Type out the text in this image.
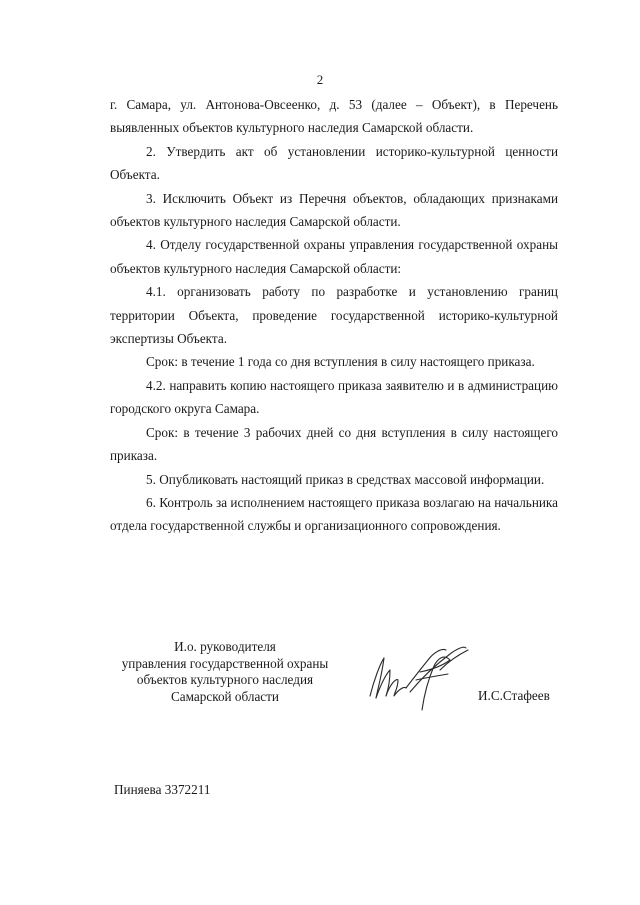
2

г. Самара, ул. Антонова-Овсеенко, д. 53 (далее – Объект), в Перечень выявленных объектов культурного наследия Самарской области.

2. Утвердить акт об установлении историко-культурной ценности Объекта.

3. Исключить Объект из Перечня объектов, обладающих признаками объектов культурного наследия Самарской области.

4. Отделу государственной охраны управления государственной охраны объектов культурного наследия Самарской области:

4.1. организовать работу по разработке и установлению границ территории Объекта, проведение государственной историко-культурной экспертизы Объекта.

Срок: в течение 1 года со дня вступления в силу настоящего приказа.

4.2. направить копию настоящего приказа заявителю и в администрацию городского округа Самара.

Срок: в течение 3 рабочих дней со дня вступления в силу настоящего приказа.

5. Опубликовать настоящий приказ в средствах массовой информации.

6. Контроль за исполнением настоящего приказа возлагаю на начальника отдела государственной службы и организационного сопровождения.

И.о. руководителя
управления государственной охраны
объектов культурного наследия
Самарской области	И.С.Стафеев
Пиняева 3372211
